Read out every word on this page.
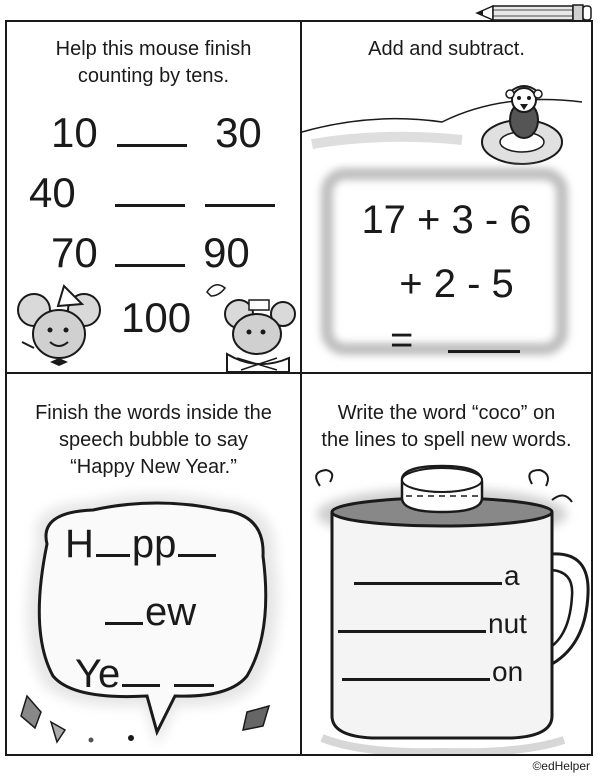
Help this mouse finish

counting by tens.

10	30
40
70	90
100

Add and subtract.

17 + 3 - 6
+ 2 - 5
=

Finish the words inside the

speech bubble to say

“Happy New Year.”

H pp
ew
Ye

Write the word “coco” on

the lines to spell new words.

a
nut
on
©edHelper
